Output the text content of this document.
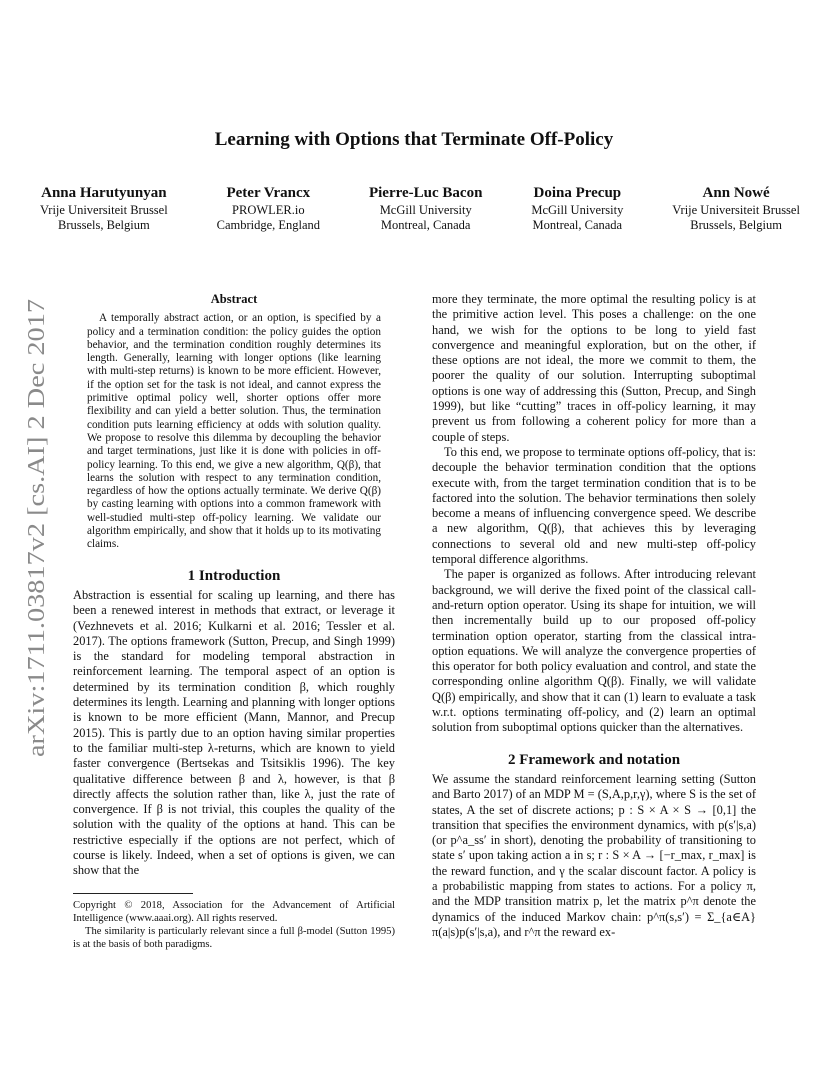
Learning with Options that Terminate Off-Policy
Anna Harutyunyan
Vrije Universiteit Brussel
Brussels, Belgium
Peter Vrancx
PROWLER.io
Cambridge, England
Pierre-Luc Bacon
McGill University
Montreal, Canada
Doina Precup
McGill University
Montreal, Canada
Ann Nowé
Vrije Universiteit Brussel
Brussels, Belgium
arXiv:1711.03817v2 [cs.AI] 2 Dec 2017
Abstract

A temporally abstract action, or an option, is specified by a policy and a termination condition: the policy guides the option behavior, and the termination condition roughly determines its length. Generally, learning with longer options (like learning with multi-step returns) is known to be more efficient. However, if the option set for the task is not ideal, and cannot express the primitive optimal policy well, shorter options offer more flexibility and can yield a better solution. Thus, the termination condition puts learning efficiency at odds with solution quality. We propose to resolve this dilemma by decoupling the behavior and target terminations, just like it is done with policies in off-policy learning. To this end, we give a new algorithm, Q(β), that learns the solution with respect to any termination condition, regardless of how the options actually terminate. We derive Q(β) by casting learning with options into a common framework with well-studied multi-step off-policy learning. We validate our algorithm empirically, and show that it holds up to its motivating claims.

1 Introduction

Abstraction is essential for scaling up learning, and there has been a renewed interest in methods that extract, or leverage it (Vezhnevets et al. 2016; Kulkarni et al. 2016; Tessler et al. 2017). The options framework (Sutton, Precup, and Singh 1999) is the standard for modeling temporal abstraction in reinforcement learning. The temporal aspect of an option is determined by its termination condition β, which roughly determines its length. Learning and planning with longer options is known to be more efficient (Mann, Mannor, and Precup 2015). This is partly due to an option having similar properties to the familiar multi-step λ-returns, which are known to yield faster convergence (Bertsekas and Tsitsiklis 1996). The key qualitative difference between β and λ, however, is that β directly affects the solution rather than, like λ, just the rate of convergence. If β is not trivial, this couples the quality of the solution with the quality of the options at hand. This can be restrictive especially if the options are not perfect, which of course is likely. Indeed, when a set of options is given, we can show that the

Copyright © 2018, Association for the Advancement of Artificial Intelligence (www.aaai.org). All rights reserved.

The similarity is particularly relevant since a full β-model (Sutton 1995) is at the basis of both paradigms.

more they terminate, the more optimal the resulting policy is at the primitive action level. This poses a challenge: on the one hand, we wish for the options to be long to yield fast convergence and meaningful exploration, but on the other, if these options are not ideal, the more we commit to them, the poorer the quality of our solution. Interrupting suboptimal options is one way of addressing this (Sutton, Precup, and Singh 1999), but like “cutting” traces in off-policy learning, it may prevent us from following a coherent policy for more than a couple of steps.

To this end, we propose to terminate options off-policy, that is: decouple the behavior termination condition that the options execute with, from the target termination condition that is to be factored into the solution. The behavior terminations then solely become a means of influencing convergence speed. We describe a new algorithm, Q(β), that achieves this by leveraging connections to several old and new multi-step off-policy temporal difference algorithms.

The paper is organized as follows. After introducing relevant background, we will derive the fixed point of the classical call-and-return option operator. Using its shape for intuition, we will then incrementally build up to our proposed off-policy termination option operator, starting from the classical intra-option equations. We will analyze the convergence properties of this operator for both policy evaluation and control, and state the corresponding online algorithm Q(β). Finally, we will validate Q(β) empirically, and show that it can (1) learn to evaluate a task w.r.t. options terminating off-policy, and (2) learn an optimal solution from suboptimal options quicker than the alternatives.

2 Framework and notation

We assume the standard reinforcement learning setting (Sutton and Barto 2017) of an MDP M = (S,A,p,r,γ), where S is the set of states, A the set of discrete actions; p : S × A × S → [0,1] the transition that specifies the environment dynamics, with p(s′|s,a) (or p^a_ss′ in short), denoting the probability of transitioning to state s′ upon taking action a in s; r : S × A → [−r_max, r_max] is the reward function, and γ the scalar discount factor. A policy is a probabilistic mapping from states to actions. For a policy π, and the MDP transition matrix p, let the matrix p^π denote the dynamics of the induced Markov chain: p^π(s,s′) = Σ_{a∈A} π(a|s)p(s′|s,a), and r^π the reward ex-
